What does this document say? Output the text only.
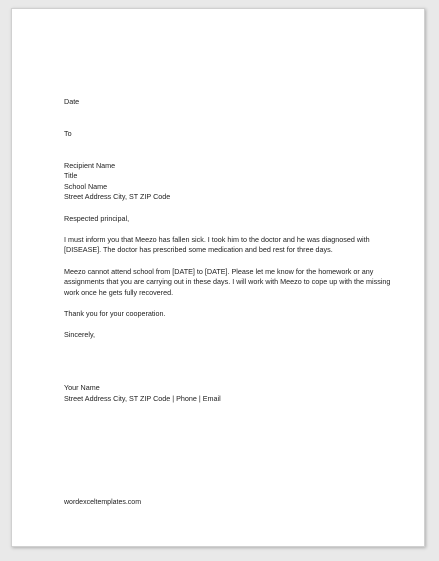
Date
To
Recipient Name
Title
School Name
Street Address City, ST ZIP Code
Respected principal,
I must inform you that Meezo has fallen sick. I took him to the doctor and he was diagnosed with [DISEASE]. The doctor has prescribed some medication and bed rest for three days.
Meezo cannot attend school from [DATE] to [DATE]. Please let me know for the homework or any assignments that you are carrying out in these days. I will work with Meezo to cope up with the missing work once he gets fully recovered.
Thank you for your cooperation.
Sincerely,
Your Name
Street Address City, ST ZIP Code | Phone | Email
wordexceltemplates.com
